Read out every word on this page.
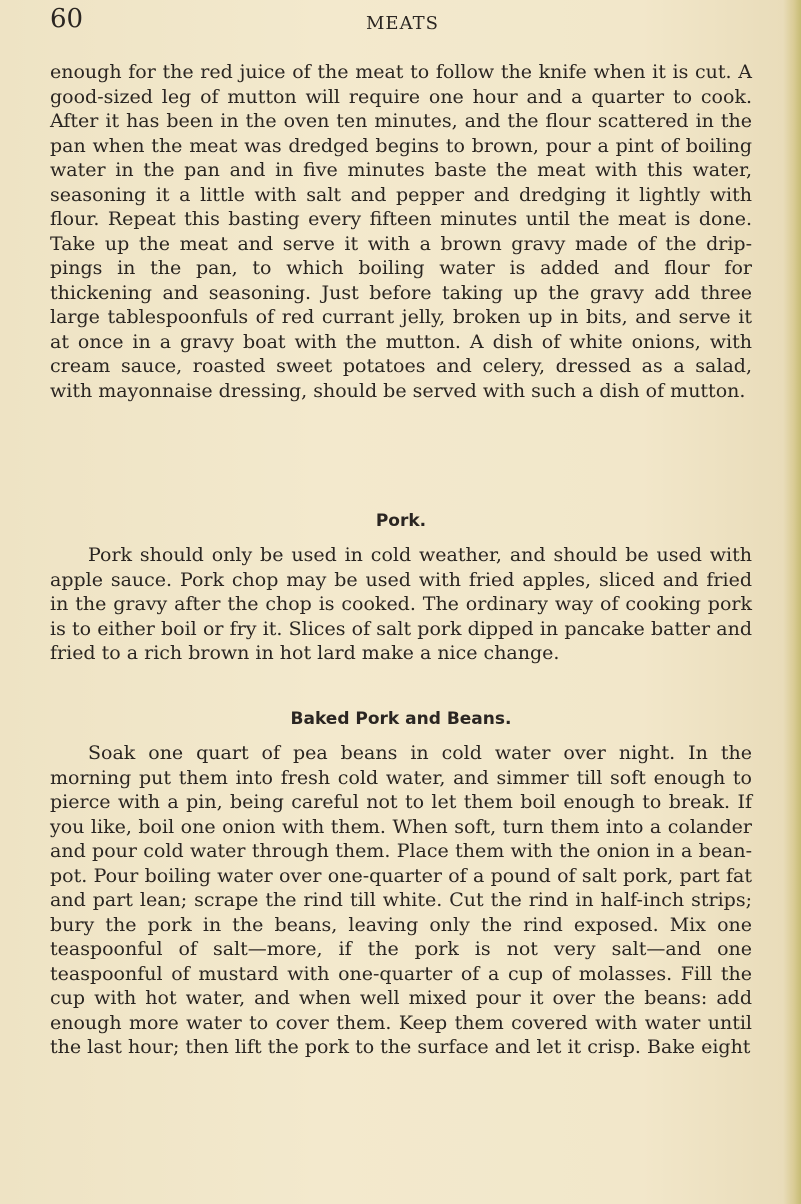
60	MEATS

enough for the red juice of the meat to follow the knife when it is cut. A good-sized leg of mutton will require one hour and a quarter to cook. After it has been in the oven ten minutes, and the flour scattered in the pan when the meat was dredged begins to brown, pour a pint of boiling water in the pan and in five minutes baste the meat with this water, seasoning it a little with salt and pepper and dredging it lightly with flour. Repeat this basting every fifteen minutes until the meat is done. Take up the meat and serve it with a brown gravy made of the drip-pings in the pan, to which boiling water is added and flour for thickening and seasoning. Just before taking up the gravy add three large tablespoonfuls of red currant jelly, broken up in bits, and serve it at once in a gravy boat with the mutton. A dish of white onions, with cream sauce, roasted sweet potatoes and celery, dressed as a salad, with mayonnaise dressing, should be served with such a dish of mutton.

Pork.

Pork should only be used in cold weather, and should be used with apple sauce. Pork chop may be used with fried apples, sliced and fried in the gravy after the chop is cooked. The ordinary way of cooking pork is to either boil or fry it. Slices of salt pork dipped in pancake batter and fried to a rich brown in hot lard make a nice change.

Baked Pork and Beans.

Soak one quart of pea beans in cold water over night. In the morning put them into fresh cold water, and simmer till soft enough to pierce with a pin, being careful not to let them boil enough to break. If you like, boil one onion with them. When soft, turn them into a colander and pour cold water through them. Place them with the onion in a bean-pot. Pour boiling water over one-quarter of a pound of salt pork, part fat and part lean; scrape the rind till white. Cut the rind in half-inch strips; bury the pork in the beans, leaving only the rind exposed. Mix one teaspoonful of salt—more, if the pork is not very salt—and one teaspoonful of mustard with one-quarter of a cup of molasses. Fill the cup with hot water, and when well mixed pour it over the beans: add enough more water to cover them. Keep them covered with water until the last hour; then lift the pork to the surface and let it crisp. Bake eight
